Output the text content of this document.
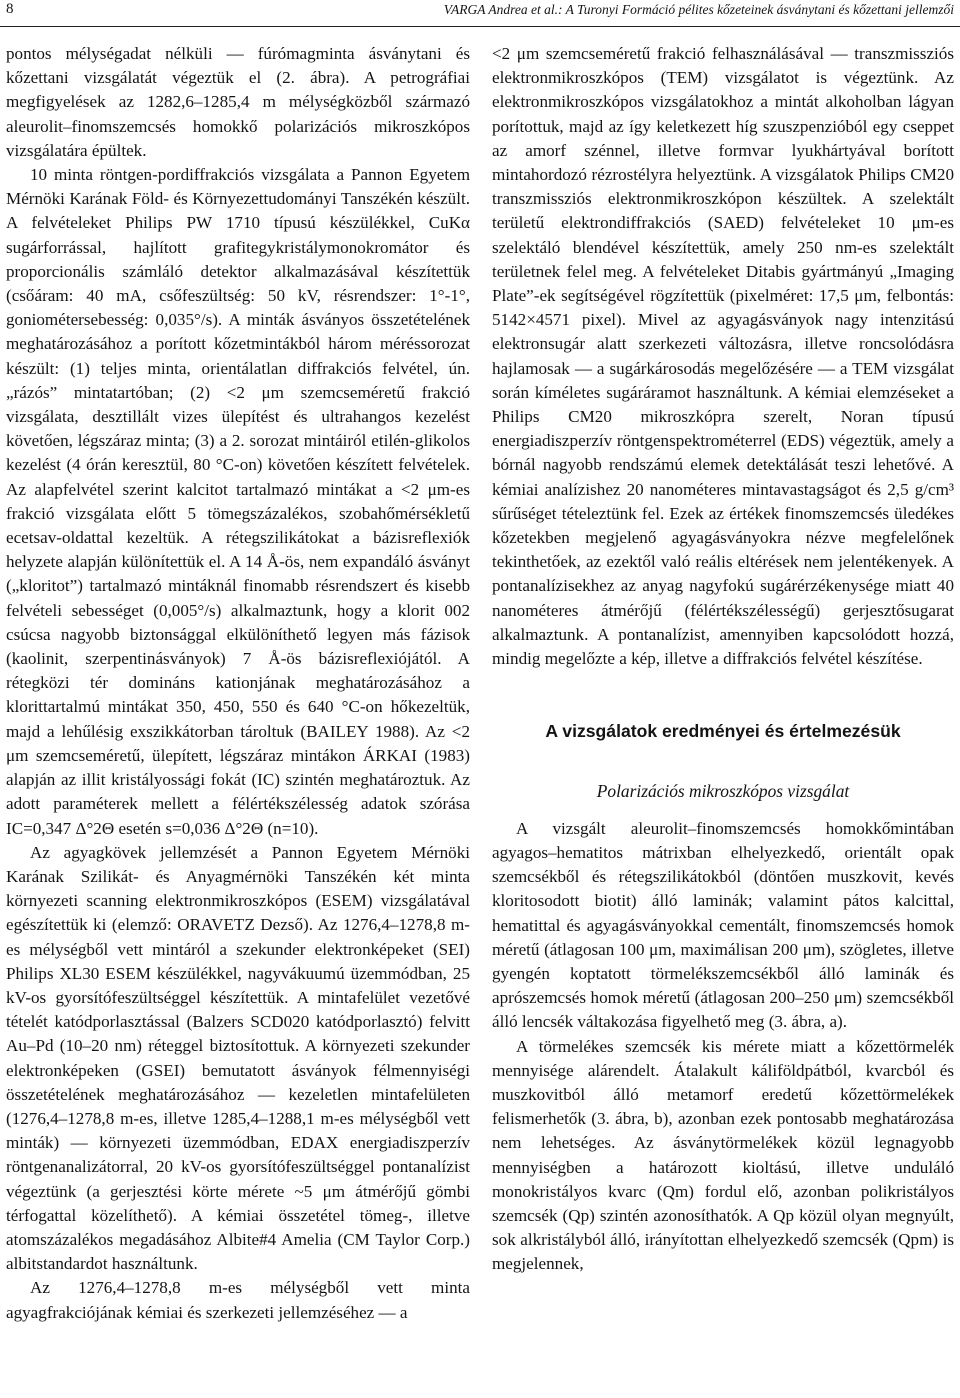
8	VARGA Andrea et al.: A Turonyi Formáció pélites kőzeteinek ásványtani és kőzettani jellemzői

pontos mélységadat nélküli — fúrómagminta ásványtani és kőzettani vizsgálatát végeztük el (2. ábra). A petrográfiai megfigyelések az 1282,6–1285,4 m mélységközből származó aleurolit–finomszemcsés homokkő polarizációs mikroszkópos vizsgálatára épültek.

10 minta röntgen-pordiffrakciós vizsgálata a Pannon Egyetem Mérnöki Karának Föld- és Környezettudományi Tanszékén készült. A felvételeket Philips PW 1710 típusú készülékkel, CuKα sugárforrással, hajlított grafitegykristálymonokromátor és proporcionális számláló detektor alkalmazásával készítettük (csőáram: 40 mA, csőfeszültség: 50 kV, résrendszer: 1°-1°, goniométersebesség: 0,035°/s). A minták ásványos összetételének meghatározásához a porított kőzetmintákból három méréssorozat készült: (1) teljes minta, orientálatlan diffrakciós felvétel, ún. „rázós” mintatartóban; (2) <2 μm szemcseméretű frakció vizsgálata, desztillált vizes ülepítést és ultrahangos kezelést követően, légszáraz minta; (3) a 2. sorozat mintáiról etilén-glikolos kezelést (4 órán keresztül, 80 °C-on) követően készített felvételek. Az alapfelvétel szerint kalcitot tartalmazó mintákat a <2 μm-es frakció vizsgálata előtt 5 tömegszázalékos, szobahőmérsékletű ecetsav-oldattal kezeltük. A rétegszilikátokat a bázisreflexiók helyzete alapján különítettük el. A 14 Å-ös, nem expandáló ásványt („kloritot”) tartalmazó mintáknál finomabb résrendszert és kisebb felvételi sebességet (0,005°/s) alkalmaztunk, hogy a klorit 002 csúcsa nagyobb biztonsággal elkülöníthető legyen más fázisok (kaolinit, szerpentinásványok) 7 Å-ös bázisreflexiójától. A rétegközi tér domináns kationjának meghatározásához a klorittartalmú mintákat 350, 450, 550 és 640 °C-on hőkezeltük, majd a lehűlésig exszikkátorban tároltuk (BAILEY 1988). Az <2 μm szemcseméretű, ülepített, légszáraz mintákon ÁRKAI (1983) alapján az illit kristályossági fokát (IC) szintén meghatároztuk. Az adott paraméterek mellett a félértékszélesség adatok szórása IC=0,347 Δ°2Θ esetén s=0,036 Δ°2Θ (n=10).

Az agyagkövek jellemzését a Pannon Egyetem Mérnöki Karának Szilikát- és Anyagmérnöki Tanszékén két minta környezeti scanning elektronmikroszkópos (ESEM) vizsgálatával egészítettük ki (elemző: ORAVETZ Dezső). Az 1276,4–1278,8 m-es mélységből vett mintáról a szekunder elektronképeket (SEI) Philips XL30 ESEM készülékkel, nagyvákuumú üzemmódban, 25 kV-os gyorsítófeszültséggel készítettük. A mintafelület vezetővé tételét katódporlasztással (Balzers SCD020 katódporlasztó) felvitt Au–Pd (10–20 nm) réteggel biztosítottuk. A környezeti szekunder elektronképeken (GSEI) bemutatott ásványok félmennyiségi összetételének meghatározásához — kezeletlen mintafelületen (1276,4–1278,8 m-es, illetve 1285,4–1288,1 m-es mélységből vett minták) — környezeti üzemmódban, EDAX energiadiszperzív röntgenanalizátorral, 20 kV-os gyorsítófeszültséggel pontanalízist végeztünk (a gerjesztési körte mérete ~5 μm átmérőjű gömbi térfogattal közelíthető). A kémiai összetétel tömeg-, illetve atomszázalékos megadásához Albite#4 Amelia (CM Taylor Corp.) albitstandardot használtunk.

Az 1276,4–1278,8 m-es mélységből vett minta agyagfrakciójának kémiai és szerkezeti jellemzéséhez — a

<2 μm szemcseméretű frakció felhasználásával — transzmissziós elektronmikroszkópos (TEM) vizsgálatot is végeztünk. Az elektronmikroszkópos vizsgálatokhoz a mintát alkoholban lágyan porítottuk, majd az így keletkezett híg szuszpenzióból egy cseppet az amorf szénnel, illetve formvar lyukhártyával borított mintahordozó rézrostélyra helyeztünk. A vizsgálatok Philips CM20 transzmissziós elektronmikroszkópon készültek. A szelektált területű elektrondiffrakciós (SAED) felvételeket 10 μm-es szelektáló blendével készítettük, amely 250 nm-es szelektált területnek felel meg. A felvételeket Ditabis gyártmányú „Imaging Plate”-ek segítségével rögzítettük (pixelméret: 17,5 μm, felbontás: 5142×4571 pixel). Mivel az agyagásványok nagy intenzitású elektronsugár alatt szerkezeti változásra, illetve roncsolódásra hajlamosak — a sugárkárosodás megelőzésére — a TEM vizsgálat során kíméletes sugáráramot használtunk. A kémiai elemzéseket a Philips CM20 mikroszkópra szerelt, Noran típusú energiadiszperzív röntgenspektrométerrel (EDS) végeztük, amely a bórnál nagyobb rendszámú elemek detektálását teszi lehetővé. A kémiai analízishez 20 nanométeres mintavastagságot és 2,5 g/cm³ sűrűséget tételeztünk fel. Ezek az értékek finomszemcsés üledékes kőzetekben megjelenő agyagásványokra nézve megfelelőnek tekinthetőek, az ezektől való reális eltérések nem jelentékenyek. A pontanalízisekhez az anyag nagyfokú sugárérzékenysége miatt 40 nanométeres átmérőjű (félértékszélességű) gerjesztősugarat alkalmaztunk. A pontanalízist, amennyiben kapcsolódott hozzá, mindig megelőzte a kép, illetve a diffrakciós felvétel készítése.

A vizsgálatok eredményei és értelmezésük
Polarizációs mikroszkópos vizsgálat

A vizsgált aleurolit–finomszemcsés homokkőmintában agyagos–hematitos mátrixban elhelyezkedő, orientált opak szemcsékből és rétegszilikátokból (döntően muszkovit, kevés kloritosodott biotit) álló laminák; valamint pátos kalcittal, hematittal és agyagásványokkal cementált, finomszemcsés homok méretű (átlagosan 100 μm, maximálisan 200 μm), szögletes, illetve gyengén koptatott törmelékszemcsékből álló laminák és aprószemcsés homok méretű (átlagosan 200–250 μm) szemcsékből álló lencsék váltakozása figyelhető meg (3. ábra, a).

A törmelékes szemcsék kis mérete miatt a kőzettörmelék mennyisége alárendelt. Átalakult káliföldpátból, kvarcból és muszkovitból álló metamorf eredetű kőzettörmelékek felismerhetők (3. ábra, b), azonban ezek pontosabb meghatározása nem lehetséges. Az ásványtörmelékek közül legnagyobb mennyiségben a határozott kioltású, illetve unduláló monokristályos kvarc (Qm) fordul elő, azonban polikristályos szemcsék (Qp) szintén azonosíthatók. A Qp közül olyan megnyúlt, sok alkristályból álló, irányítottan elhelyezkedő szemcsék (Qpm) is megjelennek,
